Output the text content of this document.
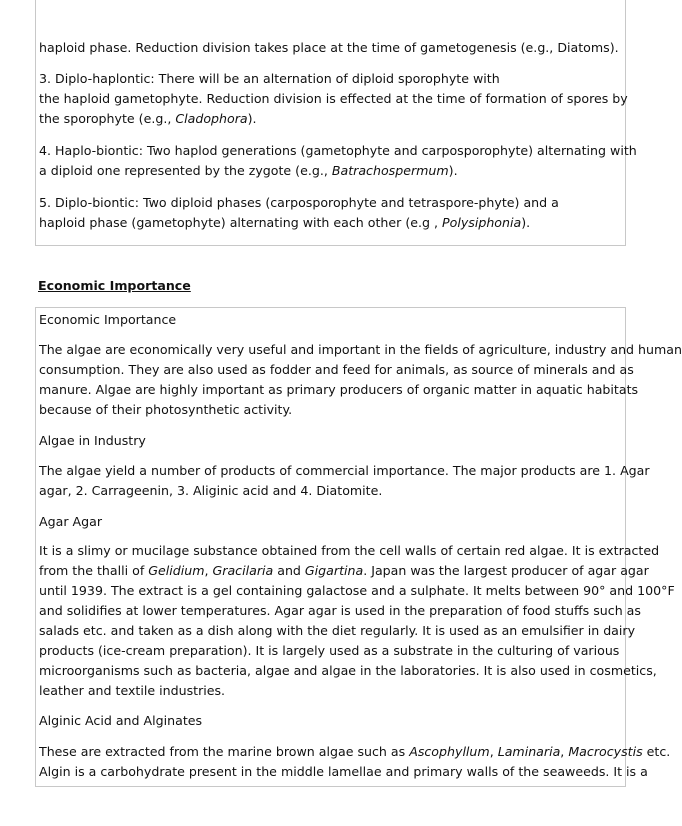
haploid phase. Reduction division takes place at the time of gametogenesis (e.g., Diatoms).
3. Diplo-haplontic: There will be an alternation of diploid sporophyte with
the haploid gametophyte. Reduction division is effected at the time of formation of spores by
the sporophyte (e.g., Cladophora).
4. Haplo-biontic: Two haplod generations (gametophyte and carposporophyte) alternating with
a diploid one represented by the zygote (e.g., Batrachospermum).
5. Diplo-biontic: Two diploid phases (carposporophyte and tetraspore-phyte) and a
haploid phase (gametophyte) alternating with each other (e.g , Polysiphonia).
Economic Importance
Economic Importance
The algae are economically very useful and important in the fields of agriculture, industry and human
consumption. They are also used as fodder and feed for animals, as source of minerals and as
manure. Algae are highly important as primary producers of organic matter in aquatic habitats
because of their photosynthetic activity.
Algae in Industry
The algae yield a number of products of commercial importance. The major products are 1. Agar
agar, 2. Carrageenin, 3. Aliginic acid and 4. Diatomite.
Agar Agar
It is a slimy or mucilage substance obtained from the cell walls of certain red algae. It is extracted
from the thalli of Gelidium, Gracilaria and Gigartina. Japan was the largest producer of agar agar
until 1939. The extract is a gel containing galactose and a sulphate. It melts between 90° and 100°F
and solidifies at lower temperatures. Agar agar is used in the preparation of food stuffs such as
salads etc. and taken as a dish along with the diet regularly. It is used as an emulsifier in dairy
products (ice-cream preparation). It is largely used as a substrate in the culturing of various
microorganisms such as bacteria, algae and algae in the laboratories. It is also used in cosmetics,
leather and textile industries.
Alginic Acid and Alginates
These are extracted from the marine brown algae such as Ascophyllum, Laminaria, Macrocystis etc.
Algin is a carbohydrate present in the middle lamellae and primary walls of the seaweeds. It is a
